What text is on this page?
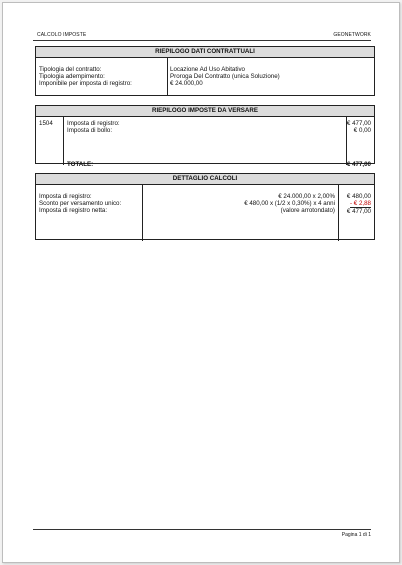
CALCOLO IMPOSTE	GEONETWORK
RIEPILOGO DATI CONTRATTUALI
Tipologia del contratto:
Tipologia adempimento:
Imponibile per imposta di registro:
Locazione Ad Uso Abitativo
Proroga Del Contratto (unica Soluzione)
€ 24.000,00
RIEPILOGO IMPOSTE DA VERSARE
1504 Imposta di registro:
Imposta di bollo:
€ 477,00
€ 0,00
TOTALE:	€ 477,00
DETTAGLIO CALCOLI
Imposta di registro:
Sconto per versamento unico:
Imposta di registro netta:
€ 24.000,00 x 2,00%
€ 480,00 x (1/2 x 0,30%) x 4 anni
(valore arrotondato)
€ 480,00
- € 2,88
€ 477,00
Pagina 1 di 1
